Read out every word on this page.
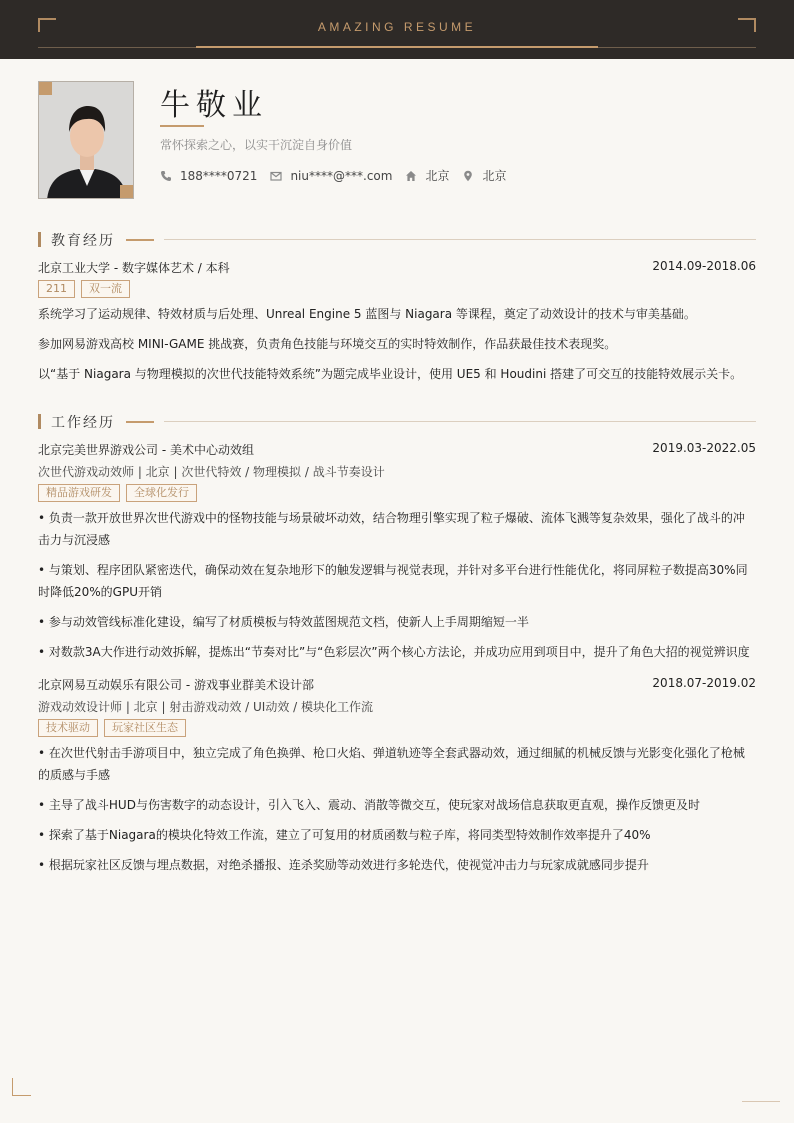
AMAZING RESUME
牛敬业
常怀探索之心，以实干沉淀自身价值
188****0721	niu****@***.com	北京	北京
教育经历
北京工业大学 - 数字媒体艺术 / 本科	2014.09-2018.06
211	双一流
系统学习了运动规律、特效材质与后处理、Unreal Engine 5 蓝图与 Niagara 等课程，奠定了动效设计的技术与审美基础。
参加网易游戏高校 MINI-GAME 挑战赛，负责角色技能与环境交互的实时特效制作，作品获最佳技术表现奖。
以“基于 Niagara 与物理模拟的次世代技能特效系统”为题完成毕业设计，使用 UE5 和 Houdini 搭建了可交互的技能特效展示关卡。
工作经历
北京完美世界游戏公司 - 美术中心动效组	2019.03-2022.05
次世代游戏动效师 | 北京 | 次世代特效 / 物理模拟 / 战斗节奏设计
精品游戏研发	全球化发行
• 负责一款开放世界次世代游戏中的怪物技能与场景破坏动效，结合物理引擎实现了粒子爆破、流体飞溅等复杂效果，强化了战斗的冲击力与沉浸感
• 与策划、程序团队紧密迭代，确保动效在复杂地形下的触发逻辑与视觉表现，并针对多平台进行性能优化，将同屏粒子数提高30%同时降低20%的GPU开销
• 参与动效管线标准化建设，编写了材质模板与特效蓝图规范文档，使新人上手周期缩短一半
• 对数款3A大作进行动效拆解，提炼出“节奏对比”与“色彩层次”两个核心方法论，并成功应用到项目中，提升了角色大招的视觉辨识度
北京网易互动娱乐有限公司 - 游戏事业群美术设计部	2018.07-2019.02
游戏动效设计师 | 北京 | 射击游戏动效 / UI动效 / 模块化工作流
技术驱动	玩家社区生态
• 在次世代射击手游项目中，独立完成了角色换弹、枪口火焰、弹道轨迹等全套武器动效，通过细腻的机械反馈与光影变化强化了枪械的质感与手感
• 主导了战斗HUD与伤害数字的动态设计，引入飞入、震动、消散等微交互，使玩家对战场信息获取更直观，操作反馈更及时
• 探索了基于Niagara的模块化特效工作流，建立了可复用的材质函数与粒子库，将同类型特效制作效率提升了40%
• 根据玩家社区反馈与埋点数据，对绝杀播报、连杀奖励等动效进行多轮迭代，使视觉冲击力与玩家成就感同步提升
